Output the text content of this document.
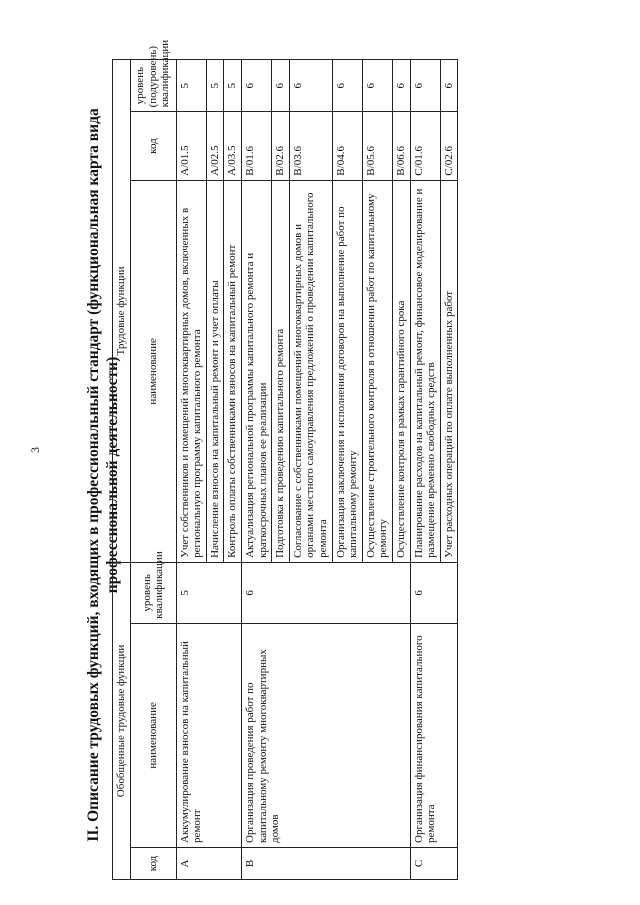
3	II. Описание трудовых функций, входящих в профессиональный стандарт (функциональная карта вида профессиональной деятельности)
Обобщенные трудовые функции			Трудовые функции		
код	наименование	уровень квалификации	наименование	код	уровень (подуровень) квалификации
А	Аккумулирование взносов на капитальный ремонт	5	Учет собственников и помещений многоквартирных домов, включенных в региональную программу капитального ремонта	А/01.5	5
			Начисление взносов на капитальный ремонт и учет оплаты	А/02.5	5
			Контроль оплаты собственниками взносов на капитальный ремонт	А/03.5	5
В	Организация проведения работ по капитальному ремонту многоквартирных домов	6	Актуализация региональной программы капитального ремонта и краткосрочных планов ее реализации	В/01.6	6
			Подготовка к проведению капитального ремонта	В/02.6	6
			Согласование с собственниками помещений многоквартирных домов и органами местного самоуправления предложений о проведении капитального ремонта	В/03.6	6
			Организация заключения и исполнения договоров на выполнение работ по капитальному ремонту	В/04.6	6
			Осуществление строительного контроля в отношении работ по капитальному ремонту	В/05.6	6
			Осуществление контроля в рамках гарантийного срока	В/06.6	6
С	Организация финансирования капитального ремонта	6	Планирование расходов на капитальный ремонт, финансовое моделирование и размещение временно свободных средств	С/01.6	6
			Учет расходных операций по оплате выполненных работ	С/02.6	6
